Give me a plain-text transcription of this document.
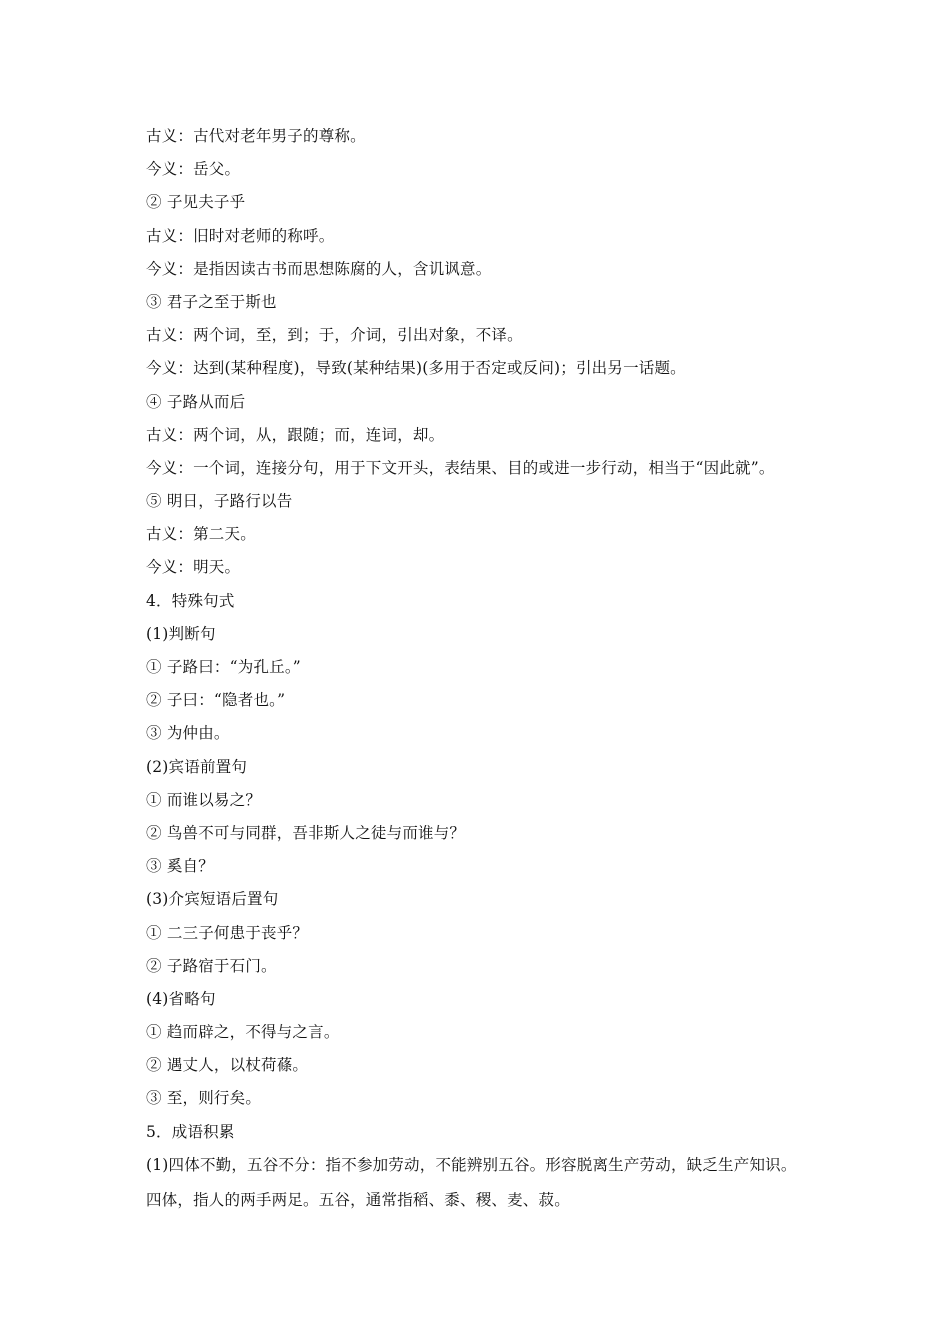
古义：古代对老年男子的尊称。
今义：岳父。
② 子见夫子乎
古义：旧时对老师的称呼。
今义：是指因读古书而思想陈腐的人，含讥讽意。
③ 君子之至于斯也
古义：两个词，至，到；于，介词，引出对象，不译。
今义：达到(某种程度)，导致(某种结果)(多用于否定或反问)；引出另一话题。
④ 子路从而后
古义：两个词，从，跟随；而，连词，却。
今义：一个词，连接分句，用于下文开头，表结果、目的或进一步行动，相当于“因此就”。
⑤ 明日，子路行以告
古义：第二天。
今义：明天。
4．特殊句式
(1)判断句
① 子路曰：“为孔丘。”
② 子曰：“隐者也。”
③ 为仲由。
(2)宾语前置句
① 而谁以易之？
② 鸟兽不可与同群，吾非斯人之徒与而谁与？
③ 奚自？
(3)介宾短语后置句
① 二三子何患于丧乎？
② 子路宿于石门。
(4)省略句
① 趋而辟之，不得与之言。
② 遇丈人，以杖荷蓧。
③ 至，则行矣。
5．成语积累
(1)四体不勤，五谷不分：指不参加劳动，不能辨别五谷。形容脱离生产劳动，缺乏生产知识。
四体，指人的两手两足。五谷，通常指稻、黍、稷、麦、菽。
